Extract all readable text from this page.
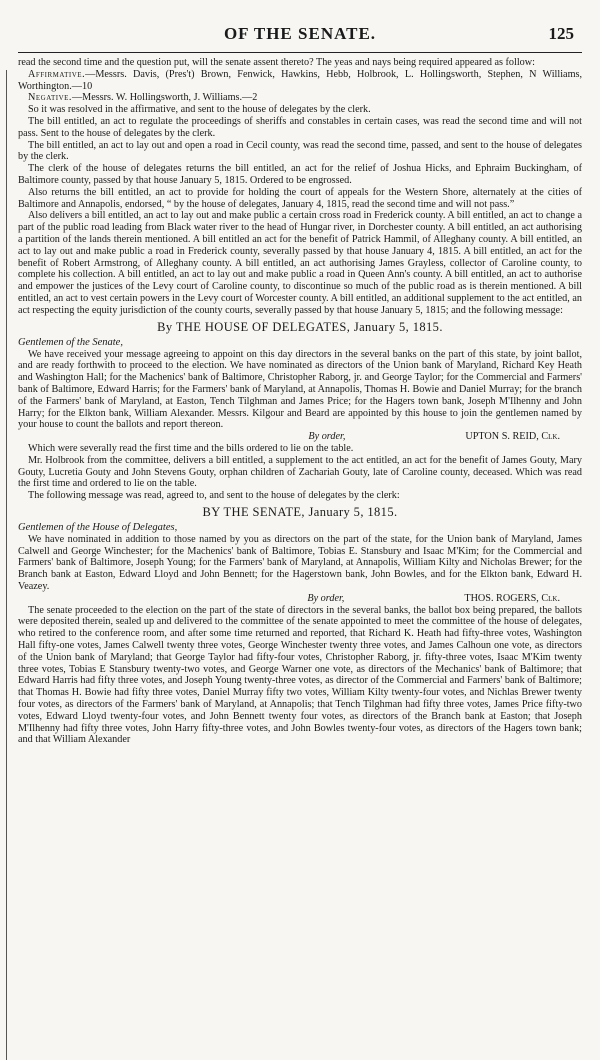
OF THE SENATE.	125

read the second time and the question put, will the senate assent thereto? The yeas and nays being required appeared as follow:

Affirmative.—Messrs. Davis, (Pres't) Brown, Fenwick, Hawkins, Hebb, Holbrook, L. Hollingsworth, Stephen, N Williams, Worthington.—10

Negative.—Messrs. W. Hollingsworth, J. Williams.—2

So it was resolved in the affirmative, and sent to the house of delegates by the clerk.

The bill entitled, an act to regulate the proceedings of sheriffs and constables in certain cases, was read the second time and will not pass. Sent to the house of delegates by the clerk.

The bill entitled, an act to lay out and open a road in Cecil county, was read the second time, passed, and sent to the house of delegates by the clerk.

The clerk of the house of delegates returns the bill entitled, an act for the relief of Joshua Hicks, and Ephraim Buckingham, of Baltimore county, passed by that house January 5, 1815. Ordered to be engrossed.

Also returns the bill entitled, an act to provide for holding the court of appeals for the Western Shore, alternately at the cities of Baltimore and Annapolis, endorsed, “ by the house of delegates, January 4, 1815, read the second time and will not pass.”

Also delivers a bill entitled, an act to lay out and make public a certain cross road in Frederick county. A bill entitled, an act to change a part of the public road leading from Black water river to the head of Hungar river, in Dorchester county. A bill entitled, an act authorising a partition of the lands therein mentioned. A bill entitled an act for the benefit of Patrick Hammil, of Alleghany county. A bill entitled, an act to lay out and make public a road in Frederick county, severally passed by that house January 4, 1815. A bill entitled, an act for the benefit of Robert Armstrong, of Alleghany county. A bill entitled, an act authorising James Grayless, collector of Caroline county, to complete his collection. A bill entitled, an act to lay out and make public a road in Queen Ann's county. A bill entitled, an act to authorise and empower the justices of the Levy court of Caroline county, to discontinue so much of the public road as is therein mentioned. A bill entitled, an act to vest certain powers in the Levy court of Worcester county. A bill entitled, an additional supplement to the act entitled, an act respecting the equity jurisdiction of the county courts, severally passed by that house January 5, 1815; and the following message:

By THE HOUSE OF DELEGATES, January 5, 1815.

Gentlemen of the Senate,

We have received your message agreeing to appoint on this day directors in the several banks on the part of this state, by joint ballot, and are ready forthwith to proceed to the election. We have nominated as directors of the Union bank of Maryland, Richard Key Heath and Washington Hall; for the Machenics' bank of Baltimore, Christopher Raborg, jr. and George Taylor; for the Commercial and Farmers' bank of Baltimore, Edward Harris; for the Farmers' bank of Maryland, at Annapolis, Thomas H. Bowie and Daniel Murray; for the branch of the Farmers' bank of Maryland, at Easton, Tench Tilghman and James Price; for the Hagers town bank, Joseph M'Ilhenny and John Harry; for the Elkton bank, William Alexander. Messrs. Kilgour and Beard are appointed by this house to join the gentlemen named by your house to count the ballots and report thereon.

By order,	UPTON S. REID, Clk.

Which were severally read the first time and the bills ordered to lie on the table.

Mr. Holbrook from the committee, delivers a bill entitled, a supplement to the act entitled, an act for the benefit of James Gouty, Mary Gouty, Lucretia Gouty and John Stevens Gouty, orphan children of Zachariah Gouty, late of Caroline county, deceased. Which was read the first time and ordered to lie on the table.

The following message was read, agreed to, and sent to the house of delegates by the clerk:

BY THE SENATE, January 5, 1815.

Gentlemen of the House of Delegates,

We have nominated in addition to those named by you as directors on the part of the state, for the Union bank of Maryland, James Calwell and George Winchester; for the Machenics' bank of Baltimore, Tobias E. Stansbury and Isaac M'Kim; for the Commercial and Farmers' bank of Baltimore, Joseph Young; for the Farmers' bank of Maryland, at Annapolis, William Kilty and Nicholas Brewer; for the Branch bank at Easton, Edward Lloyd and John Bennett; for the Hagerstown bank, John Bowles, and for the Elkton bank, Edward H. Veazey.

By order,	THOS. ROGERS, Clk.

The senate proceeded to the election on the part of the state of directors in the several banks, the ballot box being prepared, the ballots were deposited therein, sealed up and delivered to the committee of the senate appointed to meet the committee of the house of delegates, who retired to the conference room, and after some time returned and reported, that Richard K. Heath had fifty-three votes, Washington Hall fifty-one votes, James Calwell twenty three votes, George Winchester twenty three votes, and James Calhoun one vote, as directors of the Union bank of Maryland; that George Taylor had fifty-four votes, Christopher Raborg, jr. fifty-three votes, Isaac M'Kim twenty three votes, Tobias E Stansbury twenty-two votes, and George Warner one vote, as directors of the Mechanics' bank of Baltimore; that Edward Harris had fifty three votes, and Joseph Young twenty-three votes, as director of the Commercial and Farmers' bank of Baltimore; that Thomas H. Bowie had fifty three votes, Daniel Murray fifty two votes, William Kilty twenty-four votes, and Nichlas Brewer twenty four votes, as directors of the Farmers' bank of Maryland, at Annapolis; that Tench Tilghman had fifty three votes, James Price fifty-two votes, Edward Lloyd twenty-four votes, and John Bennett twenty four votes, as directors of the Branch bank at Easton; that Joseph M'Ilhenny had fifty three votes, John Harry fifty-three votes, and John Bowles twenty-four votes, as directors of the Hagers town bank; and that William Alexander
